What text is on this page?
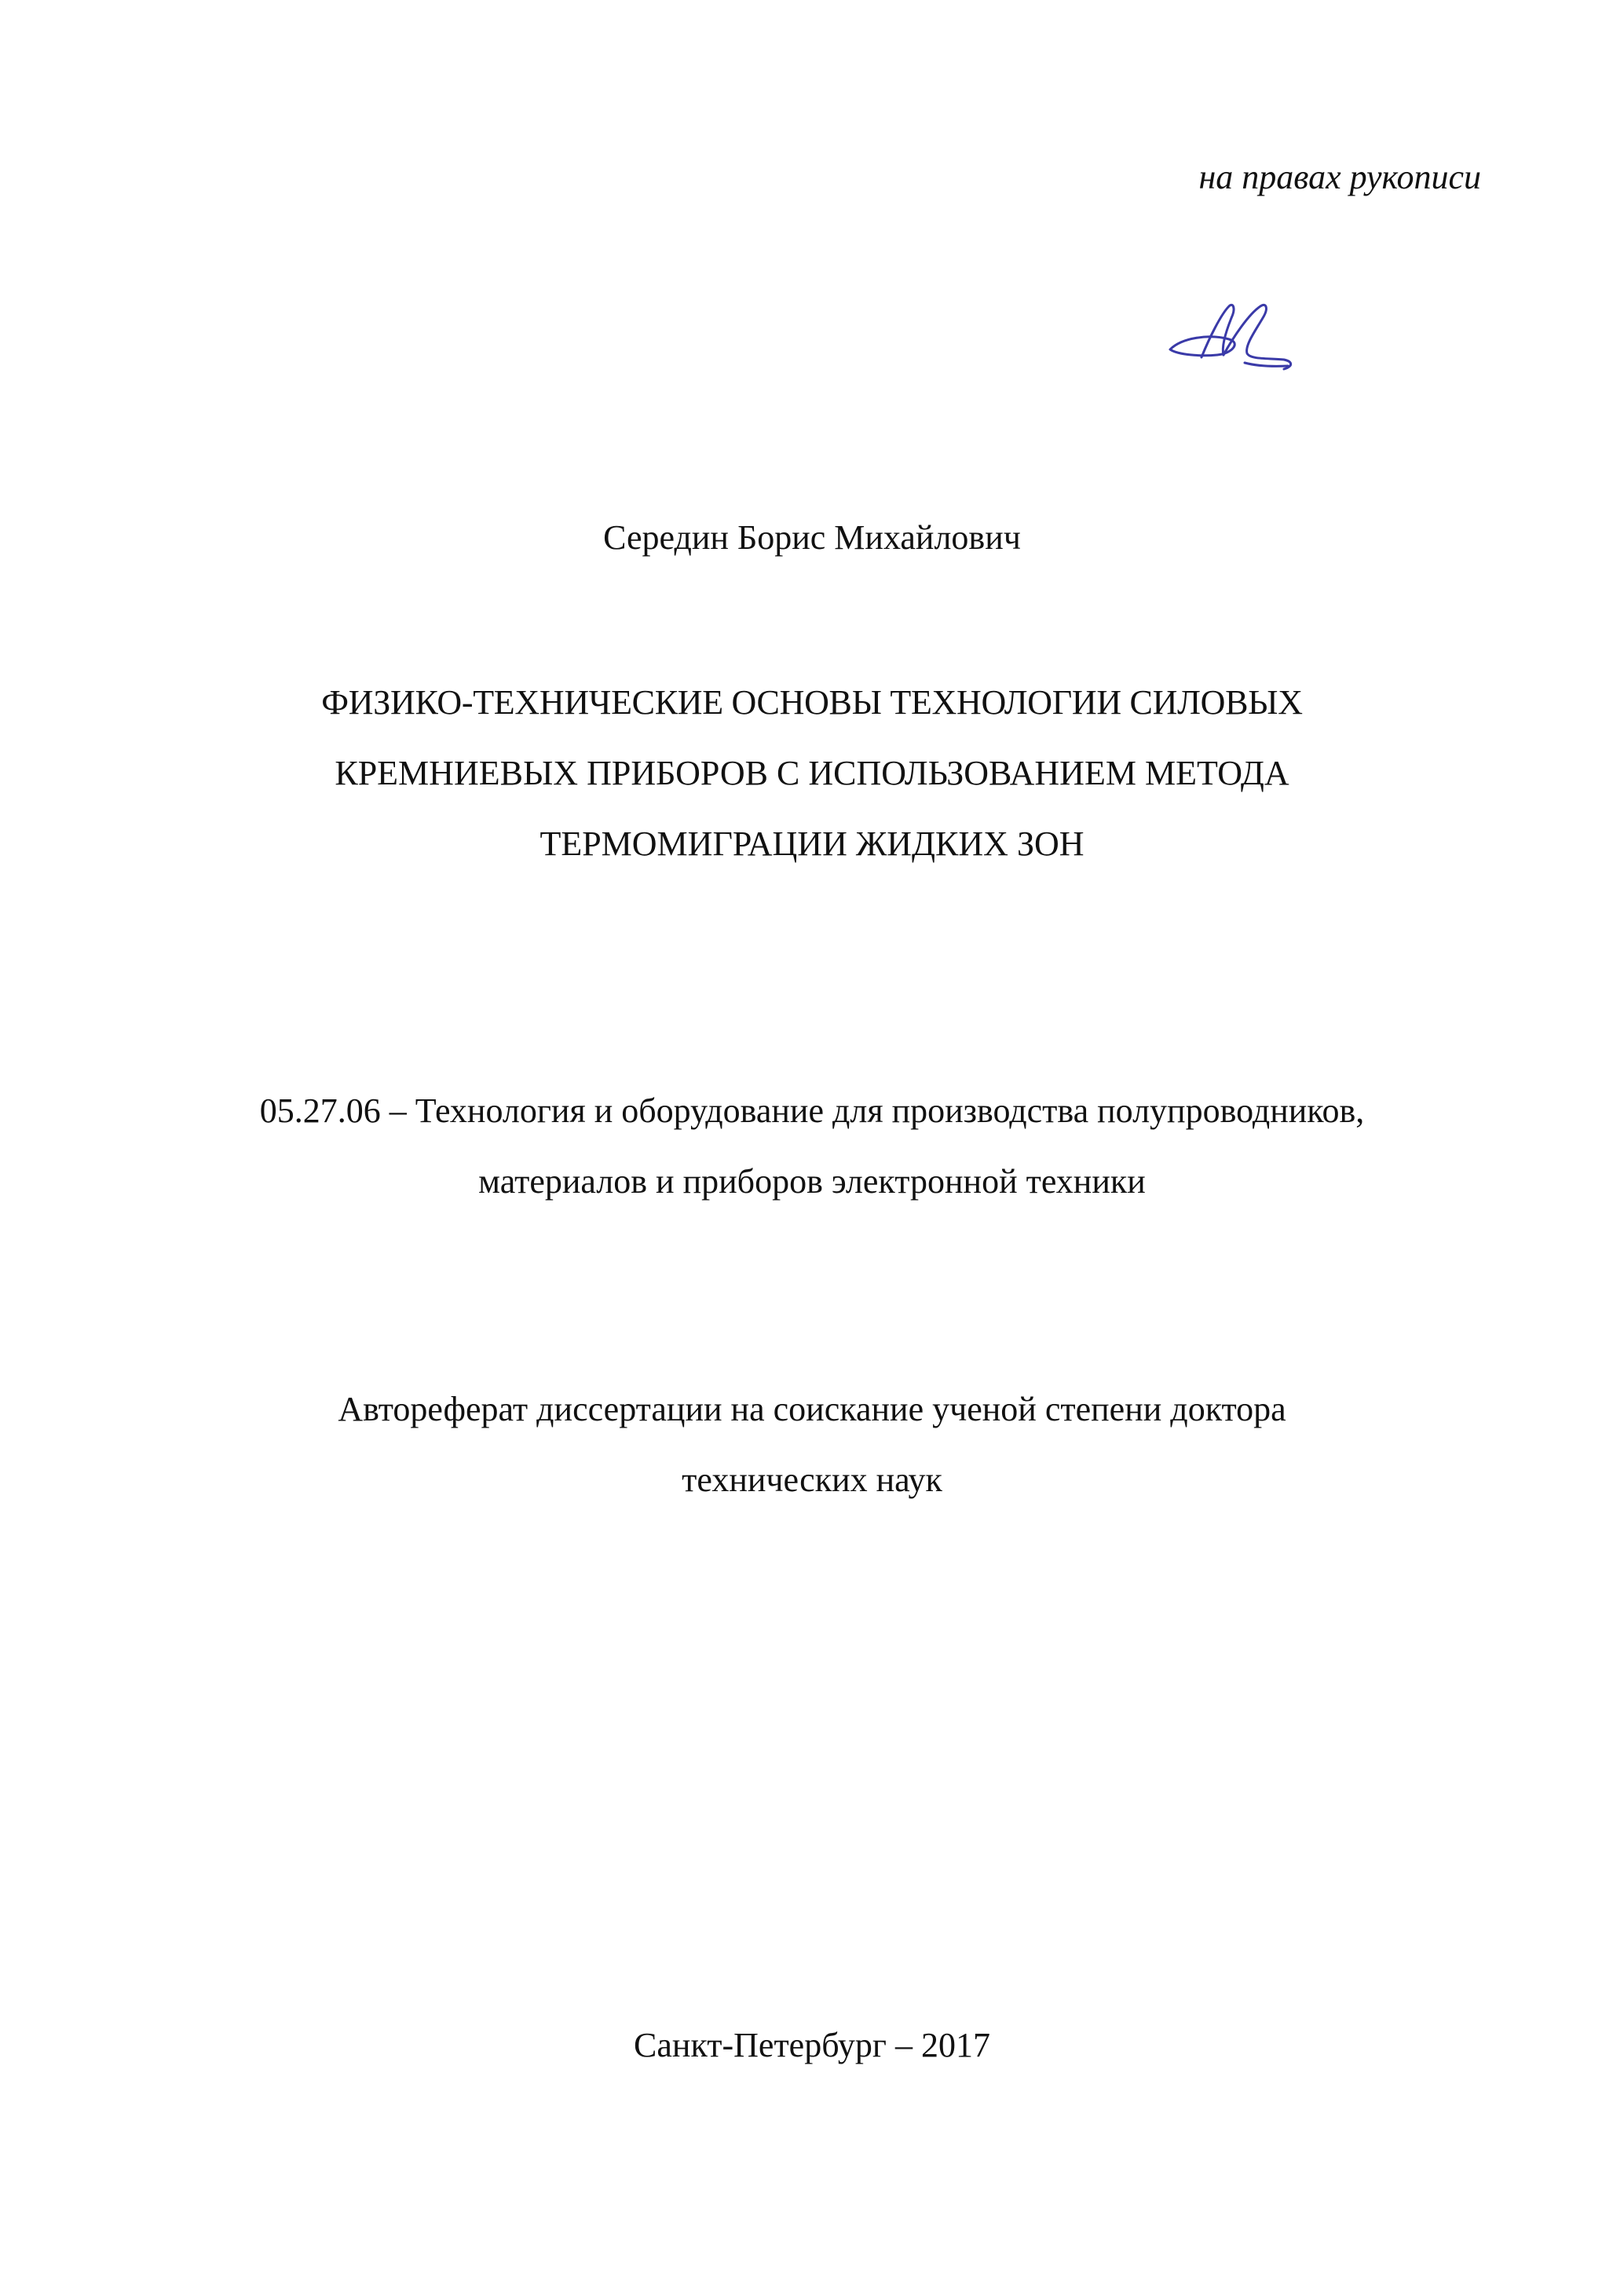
на правах рукописи
Середин Борис Михайлович
ФИЗИКО-ТЕХНИЧЕСКИЕ ОСНОВЫ ТЕХНОЛОГИИ СИЛОВЫХ
КРЕМНИЕВЫХ ПРИБОРОВ С ИСПОЛЬЗОВАНИЕМ МЕТОДА
ТЕРМОМИГРАЦИИ ЖИДКИХ ЗОН
05.27.06 – Технология и оборудование для производства полупроводников,
материалов и приборов электронной техники
Автореферат диссертации на соискание ученой степени доктора
технических наук
Санкт-Петербург – 2017
